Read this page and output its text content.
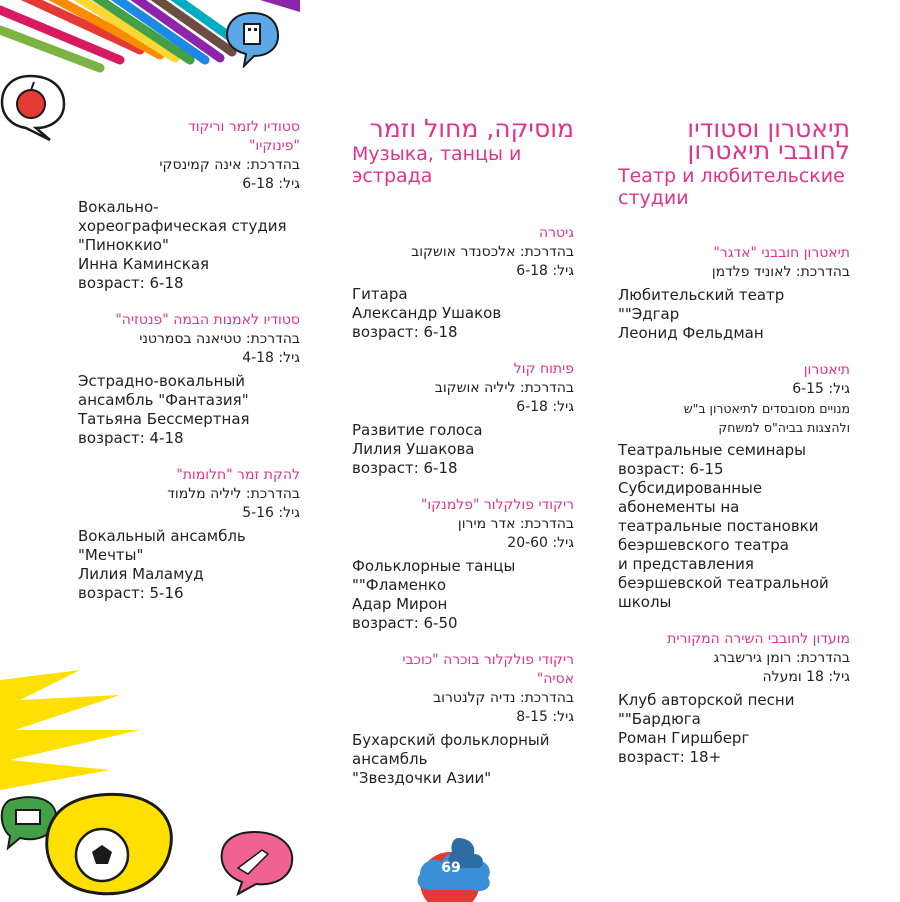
69
תיאטרון וסטודיו
לחובבי תיאטרון
Театр и любительские
студии
תיאטרון חובבני "אדגר"
בהדרכת: לאוניד פלדמן
Любительский театр
""Эдгар
Леонид Фельдман
תיאטרון
גיל: 6-15
מנויים מסובסדים לתיאטרון ב"ש
ולהצגות בביה"ס למשחק
Театральные семинары
возраст: 6-15
Субсидированные
абонементы на
театральные постановки
беэршевского театра
и представления
беэршевской театральной
школы
מועדון לחובבי השירה המקורית
בהדרכת: רומן גירשברג
גיל: 18 ומעלה
Клуб авторской песни
""Бардюга
Роман Гиршберг
возраст: 18+
מוסיקה, מחול וזמר
Музыка, танцы и
эстрада
גיטרה
בהדרכת: אלכסנדר אושקוב
גיל: 6-18
Гитара
Александр Ушаков
возраст: 6-18
פיתוח קול
בהדרכת: ליליה אושקוב
גיל: 6-18
Развитие голоса
Лилия Ушакова
возраст: 6-18
ריקודי פולקלור "פלמנקו"
בהדרכת: אדר מירון
גיל: 20-60
Фольклорные танцы
""Фламенко
Адар Мирон
возраст: 6-50
ריקודי פולקלור בוכרה "כוכבי
אסיה"
בהדרכת: נדיה קלנטרוב
גיל: 8-15
Бухарский фольклорный
ансамбль
"Звездочки Азии"
סטודיו לזמר וריקוד
"פינוקיו"
בהדרכת: אינה קמינסקי
גיל: 6-18
Вокально-
хореографическая студия
"Пиноккио"
Инна Каминская
возраст: 6-18
סטודיו לאמנות הבמה "פנטזיה"
בהדרכת: טטיאנה בסמרטני
גיל: 4-18
Эстрадно-вокальный
ансамбль "Фантазия"
Татьяна Бессмертная
возраст: 4-18
להקת זמר "חלומות"
בהדרכת: ליליה מלמוד
גיל: 5-16
Вокальный ансамбль
"Мечты"
Лилия Маламуд
возраст: 5-16
